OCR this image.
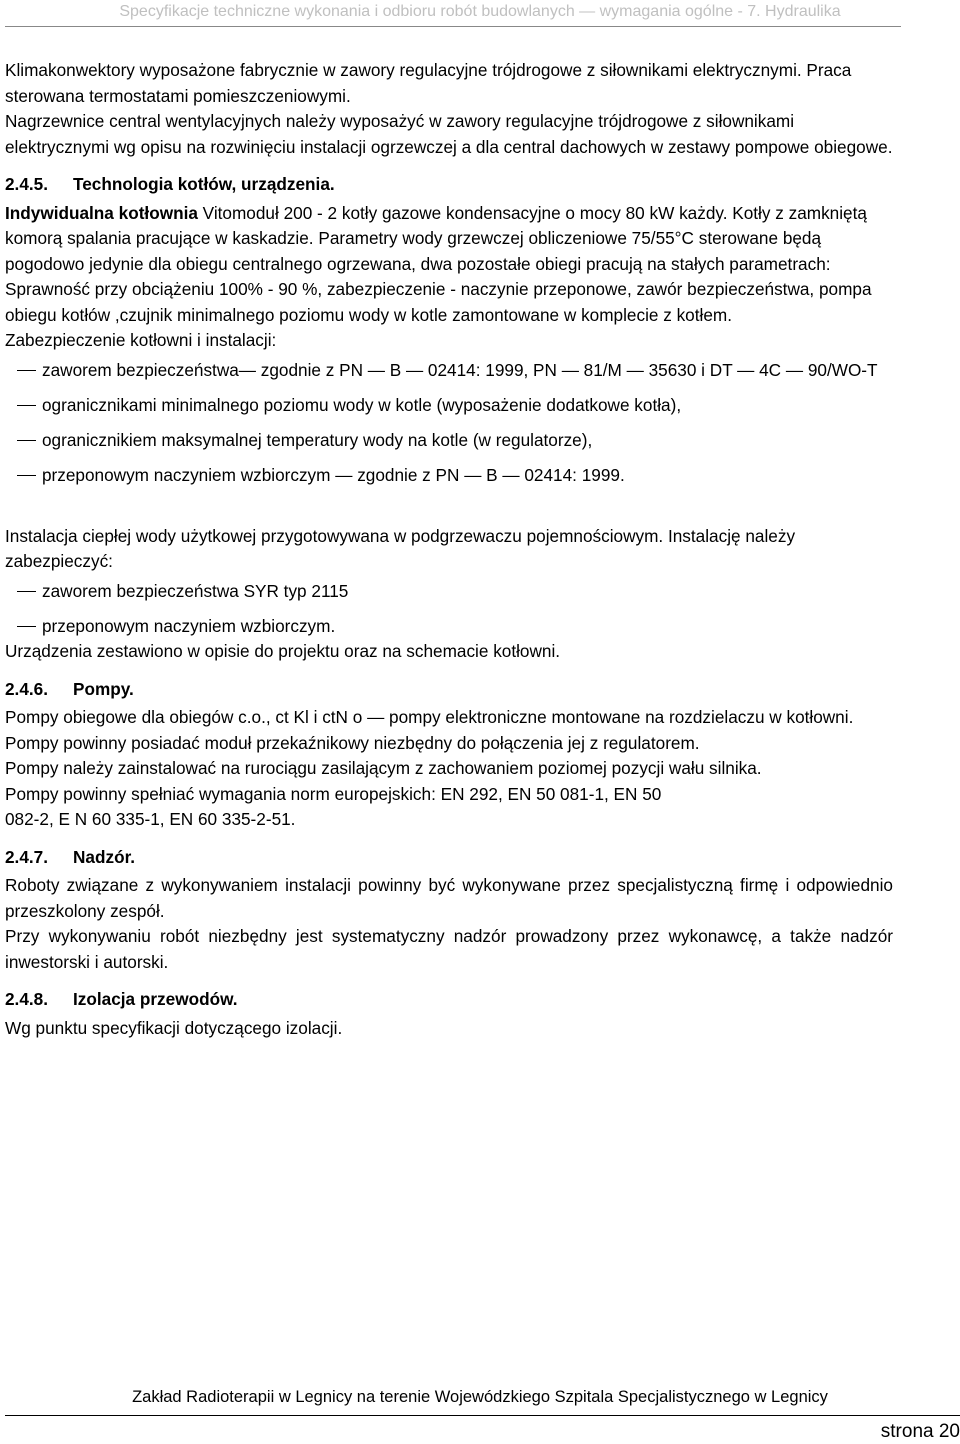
Specyfikacje techniczne wykonania i odbioru robót budowlanych — wymagania ogólne - 7. Hydraulika

Klimakonwektory wyposażone fabrycznie w zawory regulacyjne trójdrogowe z siłownikami elektrycznymi. Praca sterowana termostatami pomieszczeniowymi.

Nagrzewnice central wentylacyjnych należy wyposażyć w zawory regulacyjne trójdrogowe z siłownikami elektrycznymi wg opisu na rozwinięciu instalacji ogrzewczej a dla central dachowych w zestawy pompowe obiegowe.

2.4.5. Technologia kotłów, urządzenia.

Indywidualna kotłownia Vitomoduł 200 - 2 kotły gazowe kondensacyjne o mocy 80 kW każdy. Kotły z zamkniętą komorą spalania pracujące w kaskadzie. Parametry wody grzewczej obliczeniowe 75/55°C sterowane będą pogodowo jedynie dla obiegu centralnego ogrzewana, dwa pozostałe obiegi pracują na stałych parametrach:

Sprawność przy obciążeniu 100% - 90 %, zabezpieczenie - naczynie przeponowe, zawór bezpieczeństwa, pompa obiegu kotłów ,czujnik minimalnego poziomu wody w kotle zamontowane w komplecie z kotłem.

Zabezpieczenie kotłowni i instalacji:

zaworem bezpieczeństwa— zgodnie z PN — B — 02414: 1999, PN — 81/M — 35630 i DT — 4C — 90/WO-T
ogranicznikami minimalnego poziomu wody w kotle (wyposażenie dodatkowe kotła),
ogranicznikiem maksymalnej temperatury wody na kotle (w regulatorze),
przeponowym naczyniem wzbiorczym — zgodnie z PN — B — 02414: 1999.

Instalacja ciepłej wody użytkowej przygotowywana w podgrzewaczu pojemnościowym. Instalację należy zabezpieczyć:

zaworem bezpieczeństwa SYR typ 2115
przeponowym naczyniem wzbiorczym.

Urządzenia zestawiono w opisie do projektu oraz na schemacie kotłowni.

2.4.6. Pompy.

Pompy obiegowe dla obiegów c.o., ct Kl i ctN o — pompy elektroniczne montowane na rozdzielaczu w kotłowni.

Pompy powinny posiadać moduł przekaźnikowy niezbędny do połączenia jej z regulatorem.

Pompy należy zainstalować na rurociągu zasilającym z zachowaniem poziomej pozycji wału silnika.

Pompy powinny spełniać wymagania norm europejskich: EN 292, EN 50 081-1, EN 50

082-2, E N 60 335-1, EN 60 335-2-51.

2.4.7. Nadzór.

Roboty związane z wykonywaniem instalacji powinny być wykonywane przez specjalistyczną firmę i odpowiednio przeszkolony zespół.

Przy wykonywaniu robót niezbędny jest systematyczny nadzór prowadzony przez wykonawcę, a także nadzór inwestorski i autorski.

2.4.8. Izolacja przewodów.

Wg punktu specyfikacji dotyczącego izolacji.

Zakład Radioterapii w Legnicy na terenie Wojewódzkiego Szpitala Specjalistycznego w Legnicy
strona 20
